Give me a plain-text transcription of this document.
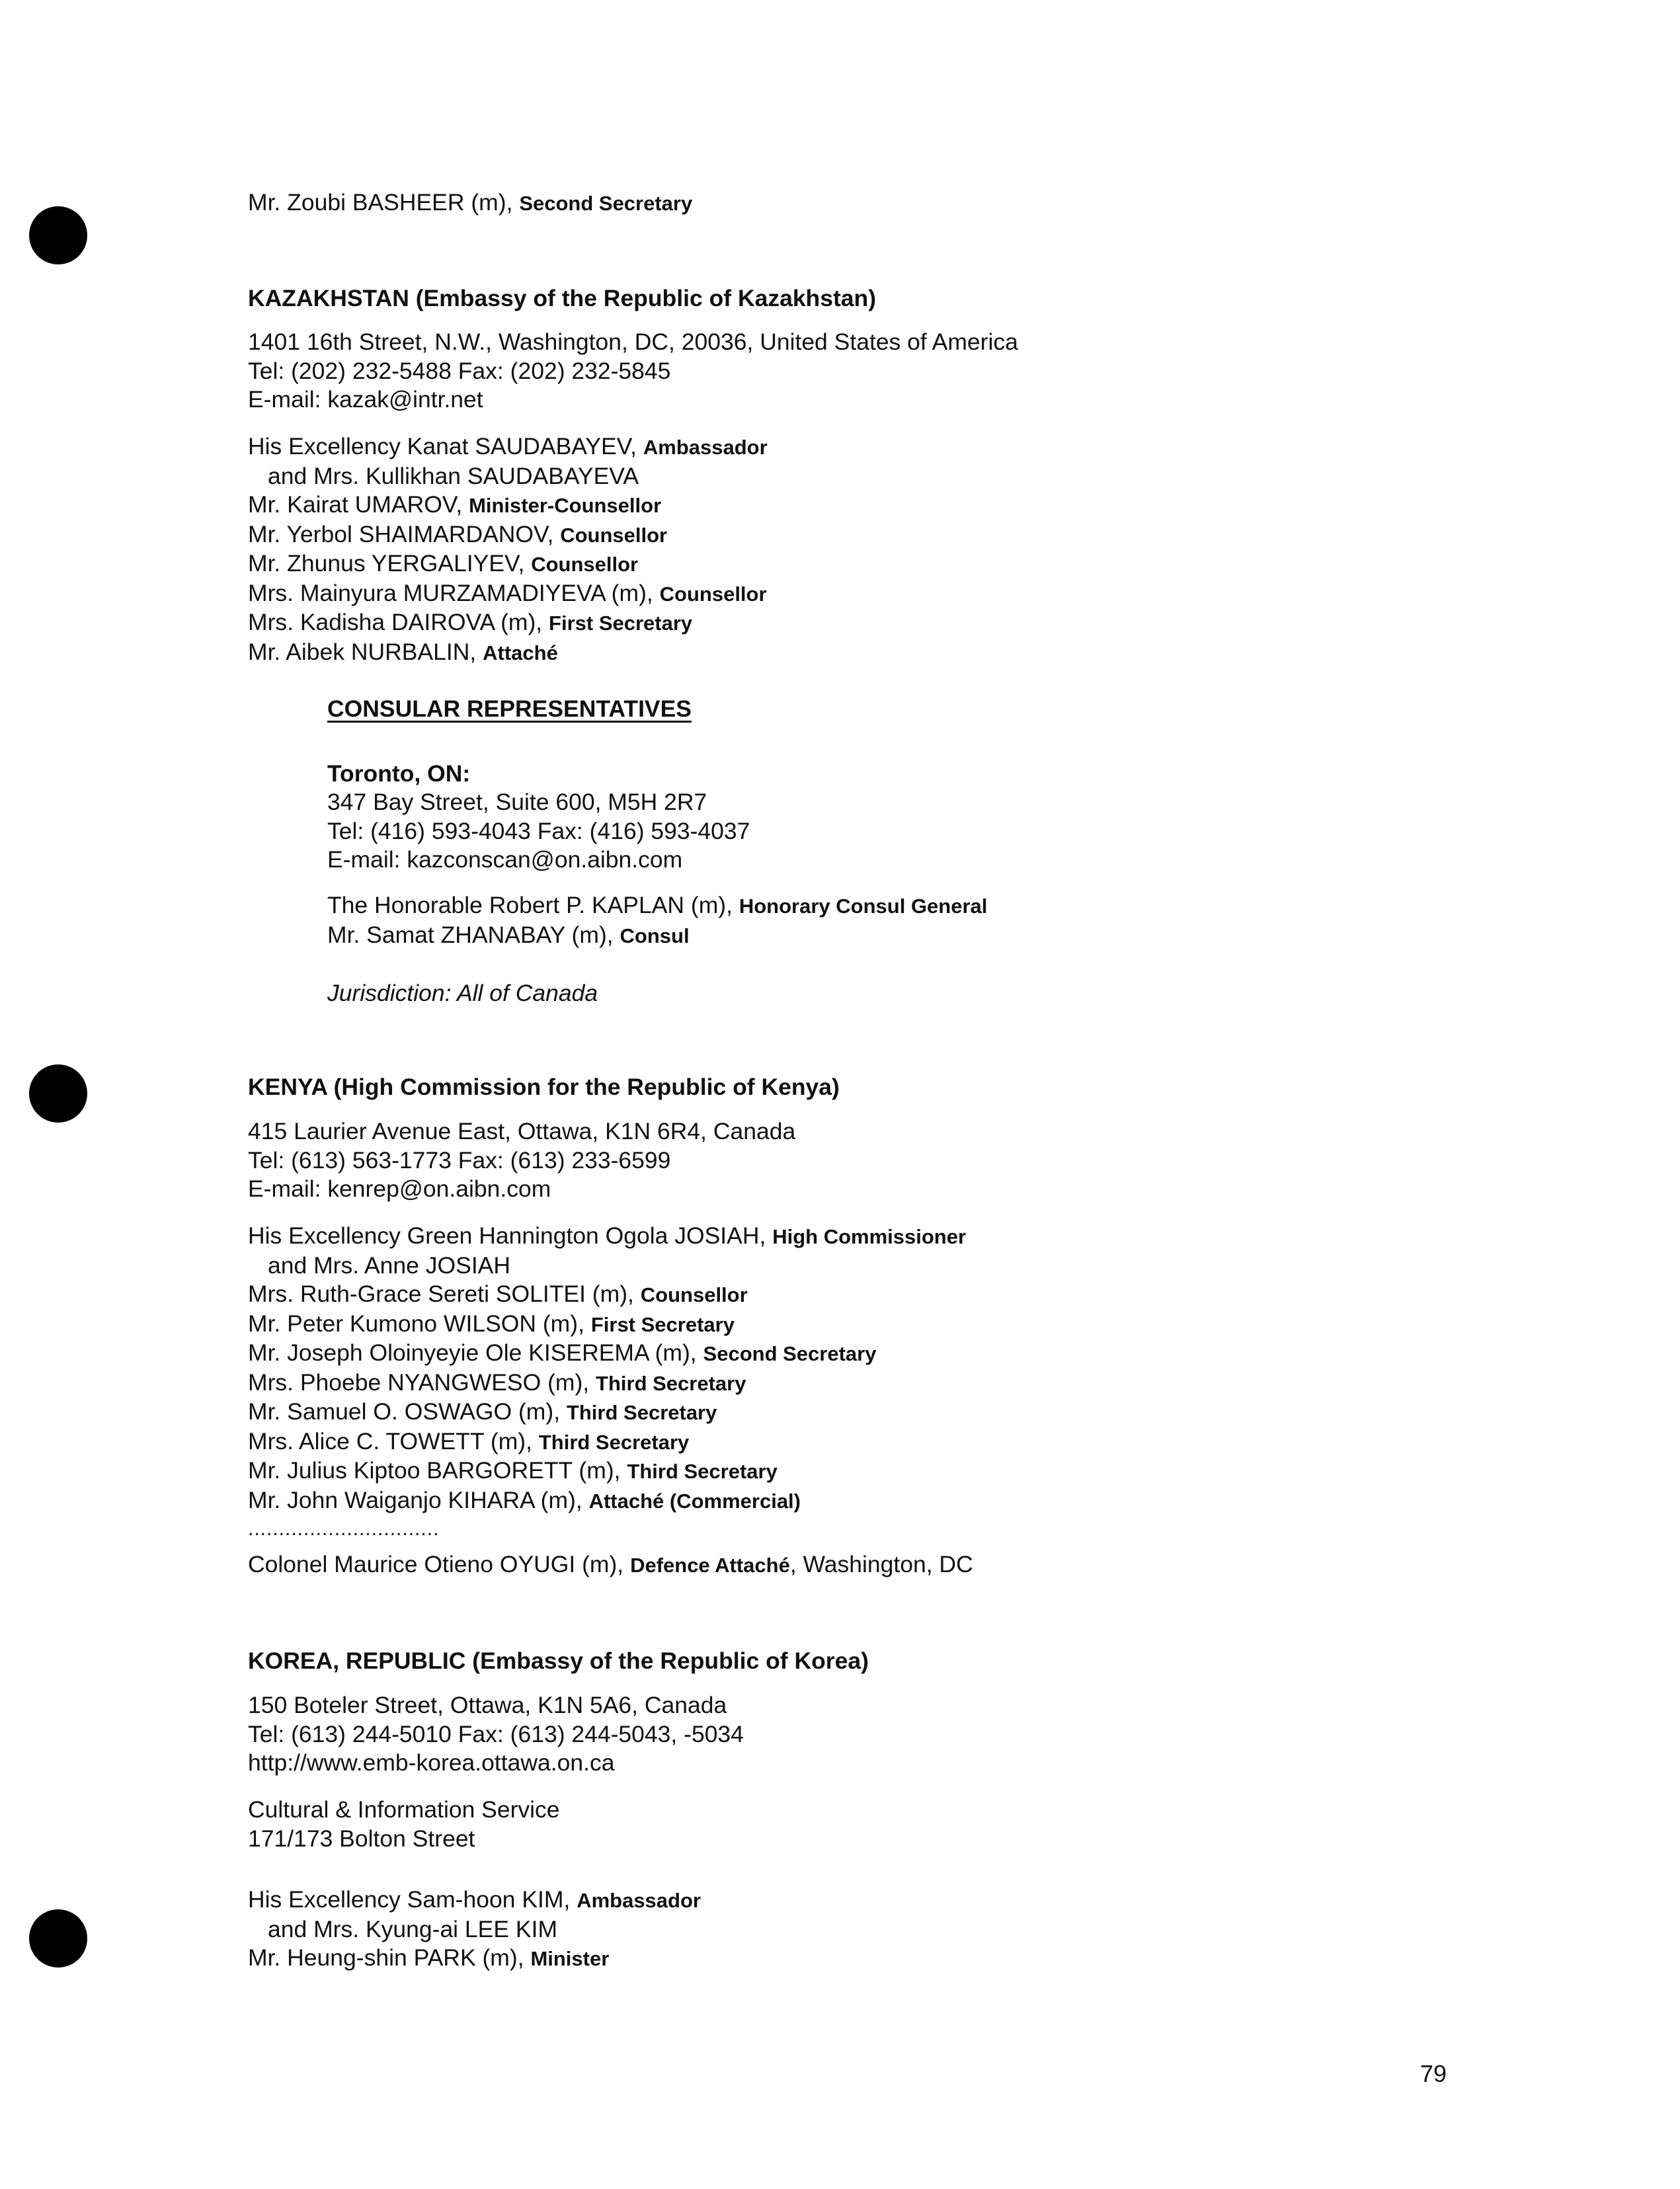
Mr. Zoubi BASHEER (m), Second Secretary
KAZAKHSTAN (Embassy of the Republic of Kazakhstan)
1401 16th Street, N.W., Washington, DC, 20036, United States of America
Tel: (202) 232-5488 Fax: (202) 232-5845
E-mail: kazak@intr.net
His Excellency Kanat SAUDABAYEV, Ambassador
and Mrs. Kullikhan SAUDABAYEVA
Mr. Kairat UMAROV, Minister-Counsellor
Mr. Yerbol SHAIMARDANOV, Counsellor
Mr. Zhunus YERGALIYEV, Counsellor
Mrs. Mainyura MURZAMADIYEVA (m), Counsellor
Mrs. Kadisha DAIROVA (m), First Secretary
Mr. Aibek NURBALIN, Attaché
CONSULAR REPRESENTATIVES
Toronto, ON:
347 Bay Street, Suite 600, M5H 2R7
Tel: (416) 593-4043 Fax: (416) 593-4037
E-mail: kazconscan@on.aibn.com
The Honorable Robert P. KAPLAN (m), Honorary Consul General
Mr. Samat ZHANABAY (m), Consul
Jurisdiction: All of Canada
KENYA (High Commission for the Republic of Kenya)
415 Laurier Avenue East, Ottawa, K1N 6R4, Canada
Tel: (613) 563-1773 Fax: (613) 233-6599
E-mail: kenrep@on.aibn.com
His Excellency Green Hannington Ogola JOSIAH, High Commissioner
and Mrs. Anne JOSIAH
Mrs. Ruth-Grace Sereti SOLITEI (m), Counsellor
Mr. Peter Kumono WILSON (m), First Secretary
Mr. Joseph Oloinyeyie Ole KISEREMA (m), Second Secretary
Mrs. Phoebe NYANGWESO (m), Third Secretary
Mr. Samuel O. OSWAGO (m), Third Secretary
Mrs. Alice C. TOWETT (m), Third Secretary
Mr. Julius Kiptoo BARGORETT (m), Third Secretary
Mr. John Waiganjo KIHARA (m), Attaché (Commercial)
...............................
Colonel Maurice Otieno OYUGI (m), Defence Attaché, Washington, DC
KOREA, REPUBLIC (Embassy of the Republic of Korea)
150 Boteler Street, Ottawa, K1N 5A6, Canada
Tel: (613) 244-5010 Fax: (613) 244-5043, -5034
http://www.emb-korea.ottawa.on.ca
Cultural & Information Service
171/173 Bolton Street
His Excellency Sam-hoon KIM, Ambassador
and Mrs. Kyung-ai LEE KIM
Mr. Heung-shin PARK (m), Minister
79
